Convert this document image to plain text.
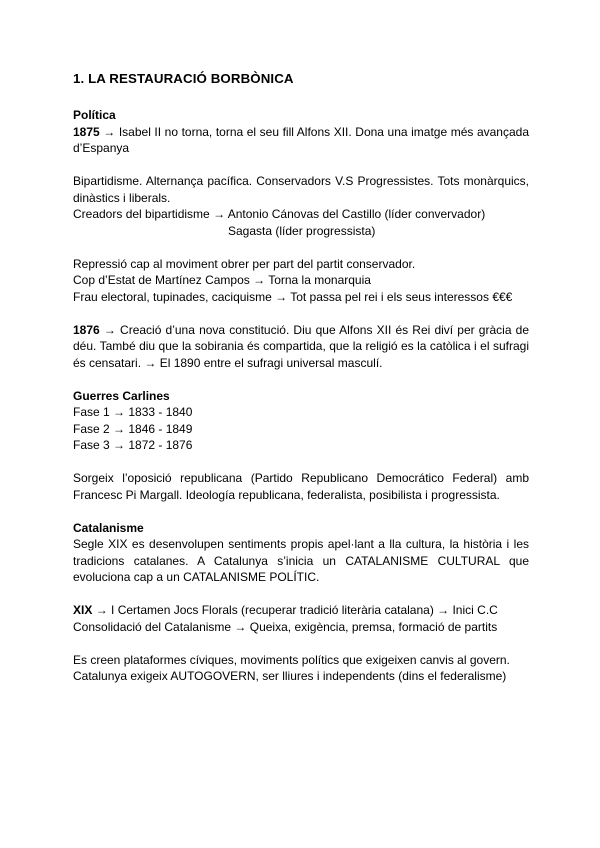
1. LA RESTAURACIÓ BORBÒNICA

Política

1875 → Isabel II no torna, torna el seu fill Alfons XII. Dona una imatge més avançada d’Espanya

Bipartidisme. Alternança pacífica. Conservadors V.S Progressistes. Tots monàrquics, dinàstics i liberals.

Creadors del bipartidisme → Antonio Cánovas del Castillo (líder convervador)

Sagasta (líder progressista)

Repressió cap al moviment obrer per part del partit conservador.

Cop d’Estat de Martínez Campos → Torna la monarquia

Frau electoral, tupinades, caciquisme → Tot passa pel rei i els seus interessos €€€

1876 → Creació d’una nova constitució. Diu que Alfons XII és Rei diví per gràcia de déu. També diu que la sobirania és compartida, que la religió es la catòlica i el sufragi és censatari. → El 1890 entre el sufragi universal masculí.

Guerres Carlines

Fase 1 → 1833 - 1840

Fase 2 → 1846 - 1849

Fase 3 → 1872 - 1876

Sorgeix l’oposició republicana (Partido Republicano Democrático Federal) amb Francesc Pi Margall. Ideología republicana, federalista, posibilista i progressista.

Catalanisme

Segle XIX es desenvolupen sentiments propis apel·lant a lla cultura, la història i les tradicions catalanes. A Catalunya s’inicia un CATALANISME CULTURAL que evoluciona cap a un CATALANISME POLÍTIC.

XIX → I Certamen Jocs Florals (recuperar tradició literària catalana) → Inici C.C

Consolidació del Catalanisme → Queixa, exigència, premsa, formació de partits

Es creen plataformes cíviques, moviments polítics que exigeixen canvis al govern.

Catalunya exigeix AUTOGOVERN, ser lliures i independents (dins el federalisme)
